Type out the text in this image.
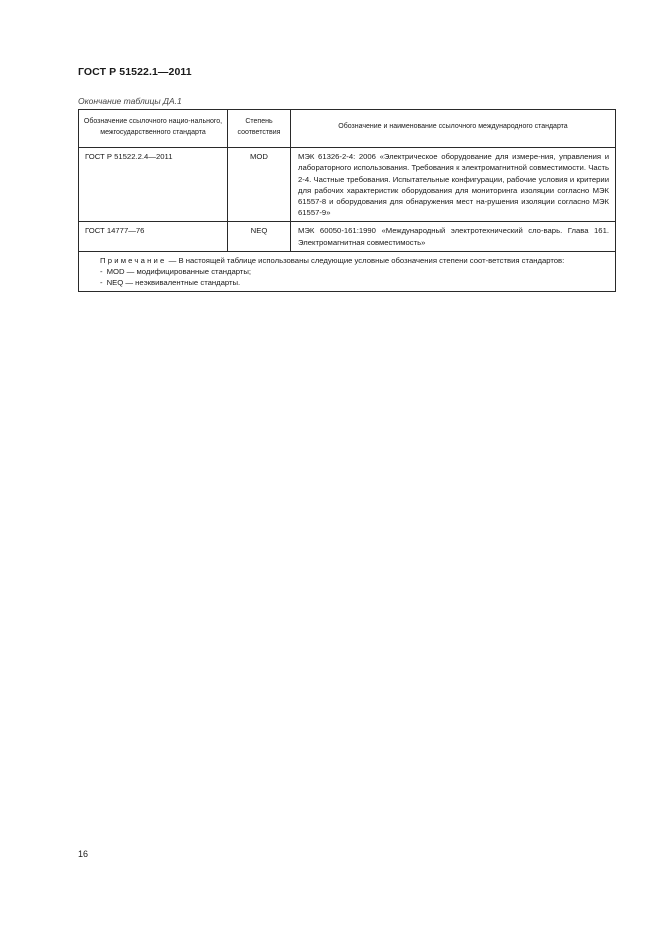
ГОСТ Р 51522.1—2011
Окончание таблицы ДА.1
Обозначение ссылочного нацио-нального, межгосударственного стандарта	Степень соответствия	Обозначение и наименование ссылочного международного стандарта
ГОСТ Р 51522.2.4—2011	MOD	МЭК 61326-2-4: 2006 «Электрическое оборудование для измере-ния, управления и лабораторного использования. Требования к электромагнитной совместимости. Часть 2-4. Частные требования. Испытательные конфигурации, рабочие условия и критерии для рабочих характеристик оборудования для мониторинга изоляции согласно МЭК 61557-8 и оборудования для обнаружения мест на-рушения изоляции согласно МЭК 61557-9»
ГОСТ 14777—76	NEQ	МЭК 60050-161:1990 «Международный электротехнический сло-варь. Глава 161. Электромагнитная совместимость»

Примечание — В настоящей таблице использованы следующие условные обозначения степени соот-ветствия стандартов:
- MOD — модифицированные стандарты;
- NEQ — неэквивалентные стандарты.		
16
